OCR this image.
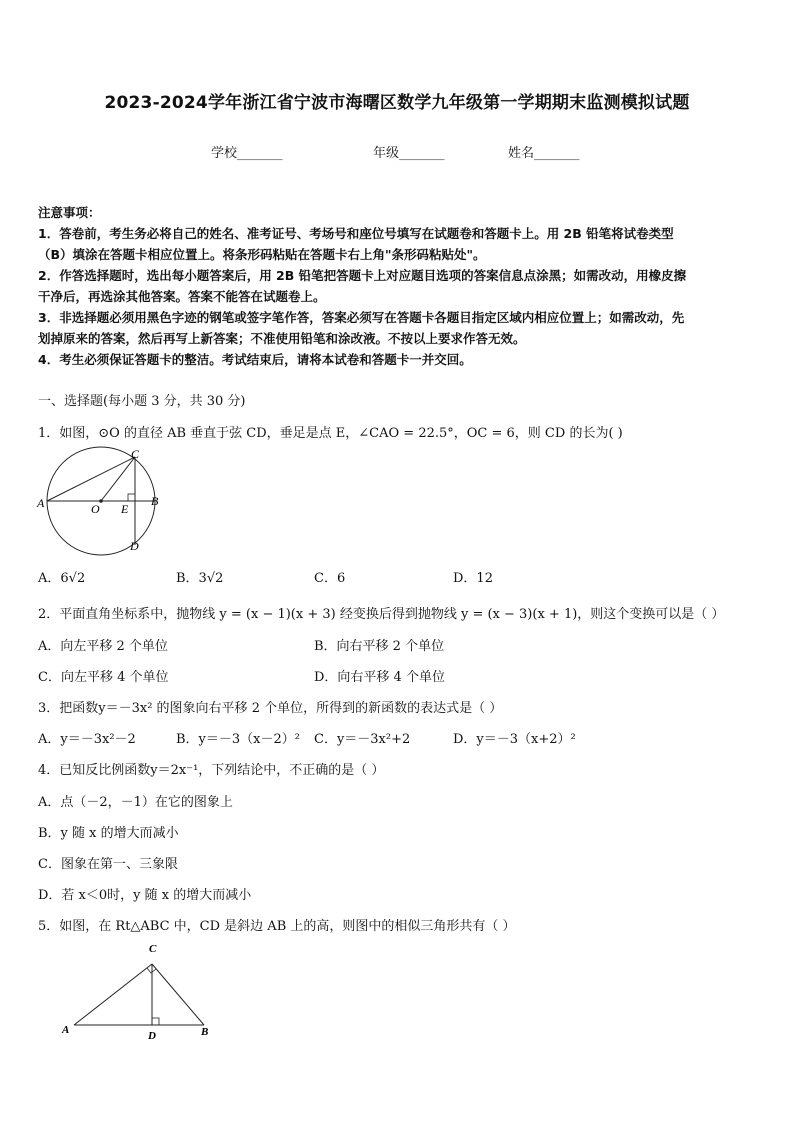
2023-2024学年浙江省宁波市海曙区数学九年级第一学期期末监测模拟试题
学校_______	年级_______	姓名_______
注意事项：
1．答卷前，考生务必将自己的姓名、准考证号、考场号和座位号填写在试题卷和答题卡上。用 2B 铅笔将试卷类型
（B）填涂在答题卡相应位置上。将条形码粘贴在答题卡右上角"条形码粘贴处"。
2．作答选择题时，选出每小题答案后，用 2B 铅笔把答题卡上对应题目选项的答案信息点涂黑；如需改动，用橡皮擦
干净后，再选涂其他答案。答案不能答在试题卷上。
3．非选择题必须用黑色字迹的钢笔或签字笔作答，答案必须写在答题卡各题目指定区域内相应位置上；如需改动，先
划掉原来的答案，然后再写上新答案；不准使用铅笔和涂改液。不按以上要求作答无效。
4．考生必须保证答题卡的整洁。考试结束后，请将本试卷和答题卡一并交回。
一、选择题(每小题 3 分，共 30 分)
1．如图，⊙O 的直径 AB 垂直于弦 CD，垂足是点 E，∠CAO = 22.5°，OC = 6，则 CD 的长为( )
A	O E
B
C
D
A．6√2	B．3√2	C．6	D．12
2．平面直角坐标系中，抛物线 y = (x − 1)(x + 3) 经变换后得到抛物线 y = (x − 3)(x + 1)，则这个变换可以是（ ）
A．向左平移 2 个单位	B．向右平移 2 个单位
C．向左平移 4 个单位	D．向右平移 4 个单位
3．把函数y＝－3x² 的图象向右平移 2 个单位，所得到的新函数的表达式是（ ）
A．y＝－3x²－2	B．y＝－3（x－2）² C．y＝－3x²+2	D．y＝－3（x+2）²
4．已知反比例函数y＝2x⁻¹，下列结论中，不正确的是（ ）
A．点（－2，－1）在它的图象上
B．y 随 x 的增大而减小
C．图象在第一、三象限
D．若 x＜0时，y 随 x 的增大而减小
5．如图，在 Rt△ABC 中，CD 是斜边 AB 上的高，则图中的相似三角形共有（ ）
C
A	D	B
